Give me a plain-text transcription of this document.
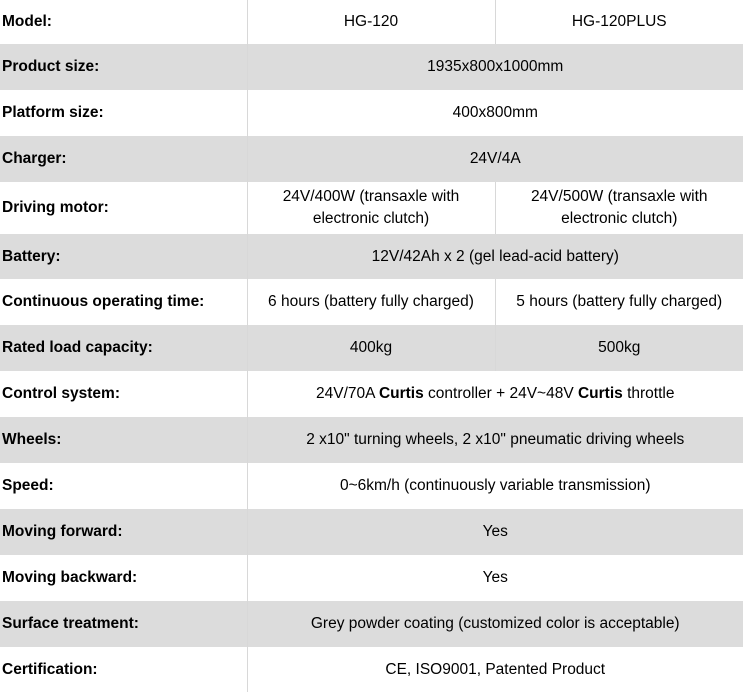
Model:	HG-120	HG-120PLUS
Product size:	1935x800x1000mm	
Platform size:	400x800mm	
Charger:	24V/4A	
Driving motor:	24V/400W (transaxle with electronic clutch)	24V/500W (transaxle with electronic clutch)
Battery:	12V/42Ah x 2 (gel lead-acid battery)	
Continuous operating time:	6 hours (battery fully charged)	5 hours (battery fully charged)
Rated load capacity:	400kg	500kg
Control system:	24V/70A Curtis controller + 24V~48V Curtis throttle	
Wheels:	2 x10" turning wheels, 2 x10" pneumatic driving wheels	
Speed:	0~6km/h (continuously variable transmission)	
Moving forward:	Yes	
Moving backward:	Yes	
Surface treatment:	Grey powder coating (customized color is acceptable)	
Certification:	CE, ISO9001, Patented Product	
